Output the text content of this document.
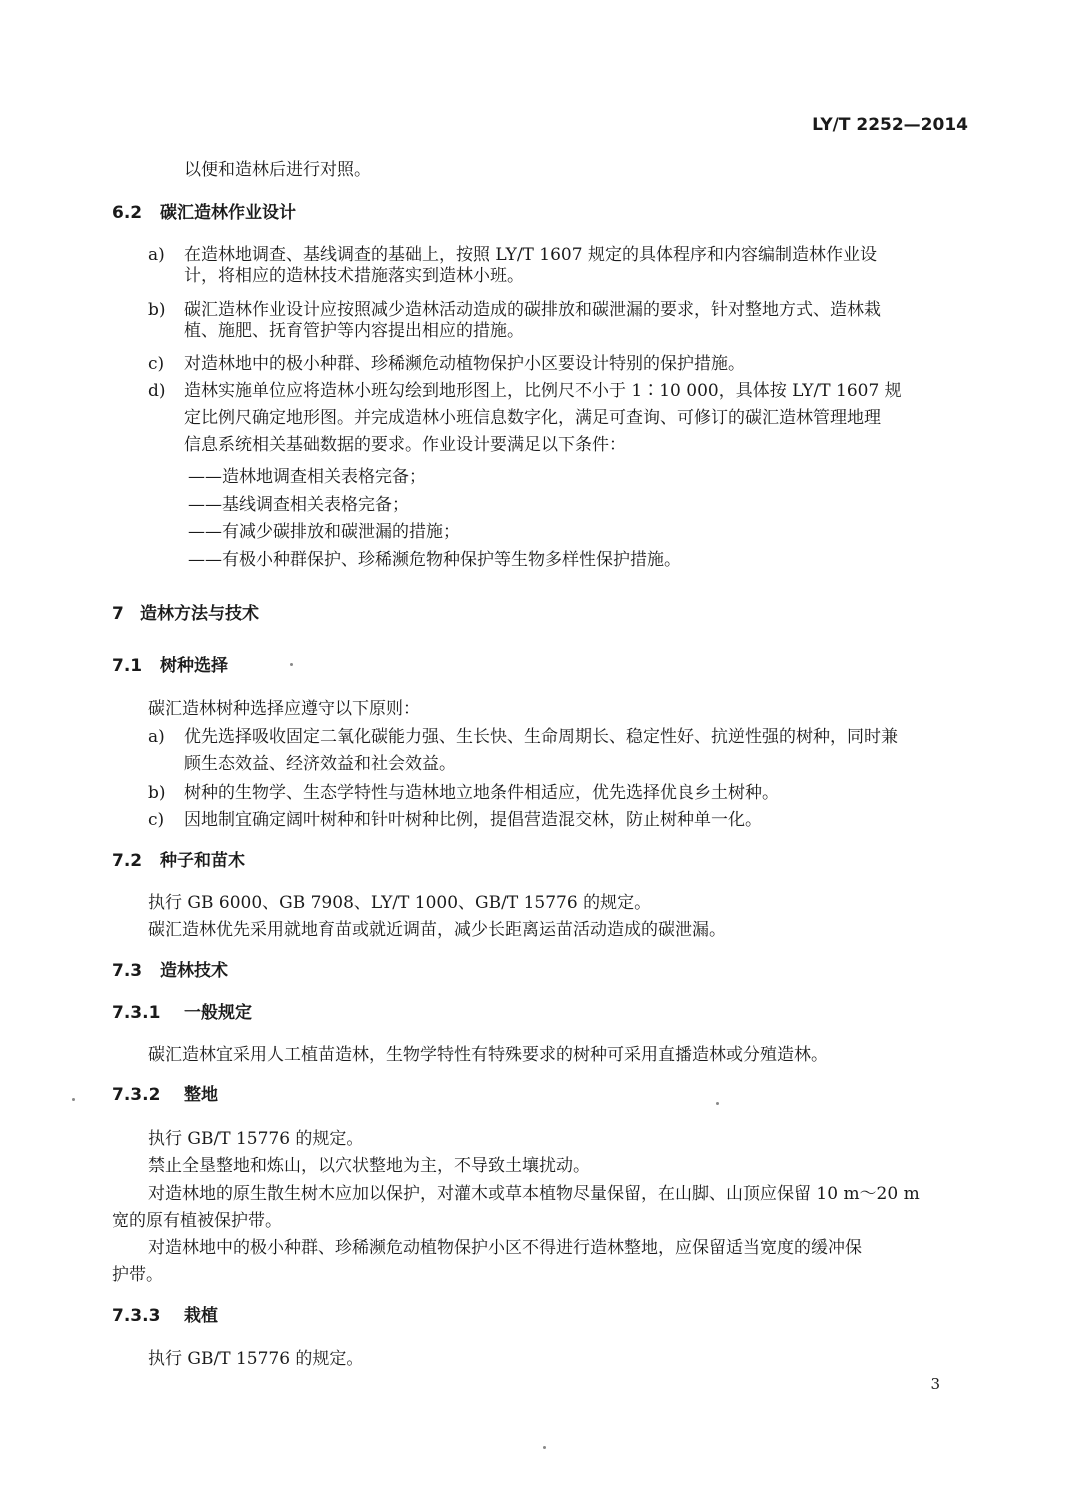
LY/T 2252—2014

以便和造林后进行对照。

6.2 碳汇造林作业设计
a) 在造林地调查、基线调查的基础上，按照 LY/T 1607 规定的具体程序和内容编制造林作业设
计，将相应的造林技术措施落实到造林小班。
b) 碳汇造林作业设计应按照减少造林活动造成的碳排放和碳泄漏的要求，针对整地方式、造林栽
植、施肥、抚育管护等内容提出相应的措施。
c) 对造林地中的极小种群、珍稀濒危动植物保护小区要设计特别的保护措施。
d) 造林实施单位应将造林小班勾绘到地形图上，比例尺不小于 1∶10 000，具体按 LY/T 1607 规
定比例尺确定地形图。并完成造林小班信息数字化，满足可查询、可修订的碳汇造林管理地理
信息系统相关基础数据的要求。作业设计要满足以下条件：

——造林地调查相关表格完备；

——基线调查相关表格完备；

——有减少碳排放和碳泄漏的措施；

——有极小种群保护、珍稀濒危物种保护等生物多样性保护措施。

7 造林方法与技术
7.1 树种选择

碳汇造林树种选择应遵守以下原则：

a) 优先选择吸收固定二氧化碳能力强、生长快、生命周期长、稳定性好、抗逆性强的树种，同时兼
顾生态效益、经济效益和社会效益。
b) 树种的生物学、生态学特性与造林地立地条件相适应，优先选择优良乡土树种。
c) 因地制宜确定阔叶树种和针叶树种比例，提倡营造混交林，防止树种单一化。
7.2 种子和苗木

执行 GB 6000、GB 7908、LY/T 1000、GB/T 15776 的规定。

碳汇造林优先采用就地育苗或就近调苗，减少长距离运苗活动造成的碳泄漏。

7.3 造林技术
7.3.1 一般规定

碳汇造林宜采用人工植苗造林，生物学特性有特殊要求的树种可采用直播造林或分殖造林。

7.3.2 整地

执行 GB/T 15776 的规定。

禁止全垦整地和炼山，以穴状整地为主，不导致土壤扰动。

对造林地的原生散生树木应加以保护，对灌木或草本植物尽量保留，在山脚、山顶应保留 10 m～20 m

宽的原有植被保护带。

对造林地中的极小种群、珍稀濒危动植物保护小区不得进行造林整地，应保留适当宽度的缓冲保

护带。

7.3.3 栽植

执行 GB/T 15776 的规定。

3
